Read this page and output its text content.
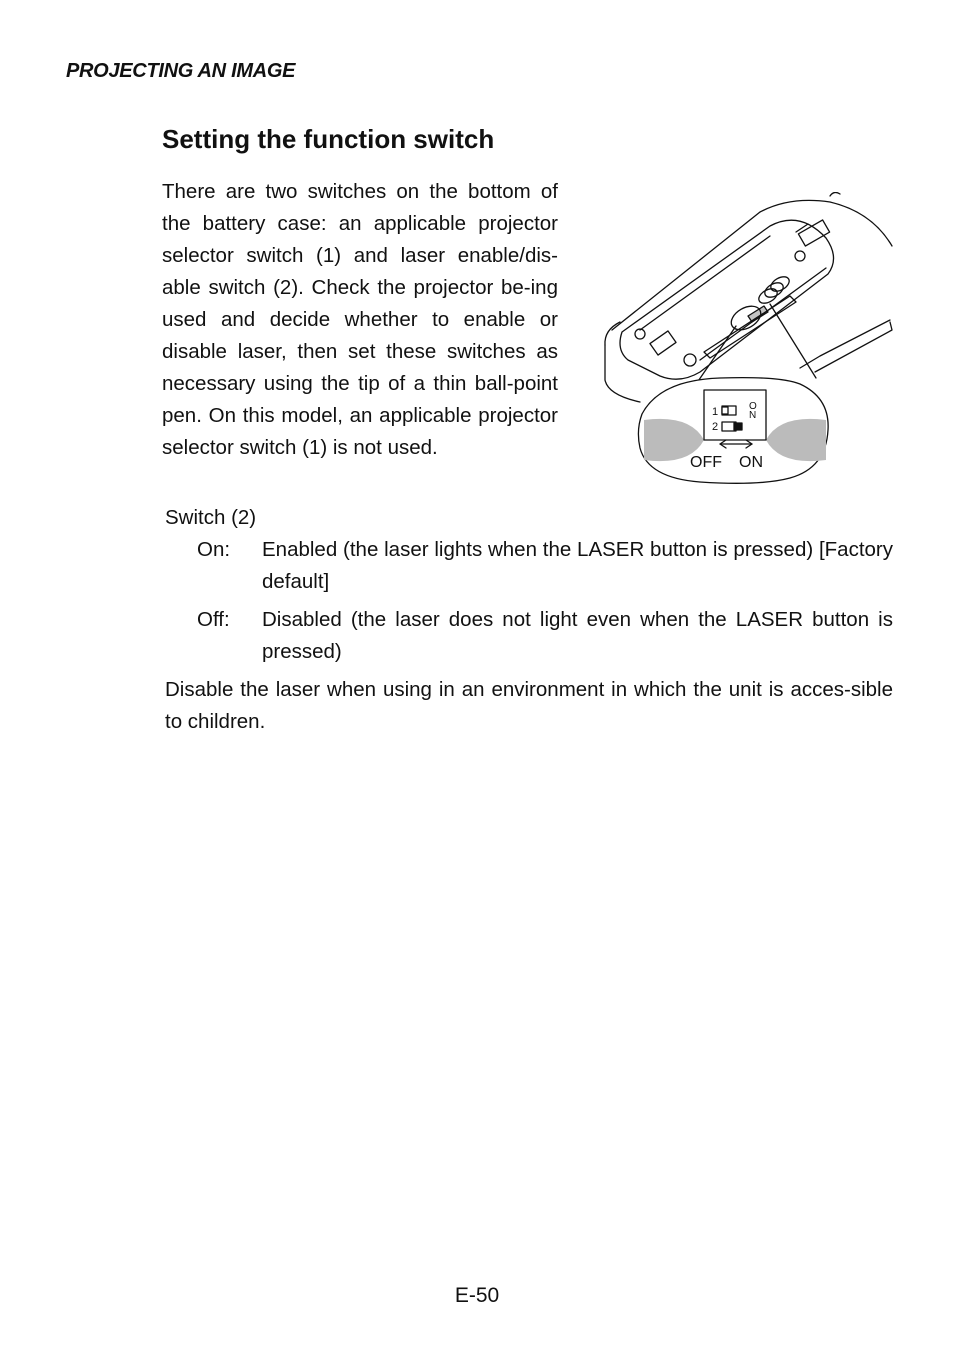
PROJECTING AN IMAGE
Setting the function switch

There are two switches on the bottom of the battery case: an applicable projector selector switch (1) and laser enable/dis-able switch (2). Check the projector be-ing used and decide whether to enable or disable laser, then set these switches as necessary using the tip of a thin ball-point pen. On this model, an applicable projector selector switch (1) is not used.

1
2
O
N
OFF ON
Switch (2)
On: Enabled (the laser lights when the LASER button is pressed) [Factory default]
Off: Disabled (the laser does not light even when the LASER button is pressed)
Disable the laser when using in an environment in which the unit is acces-sible to children.
E-50
